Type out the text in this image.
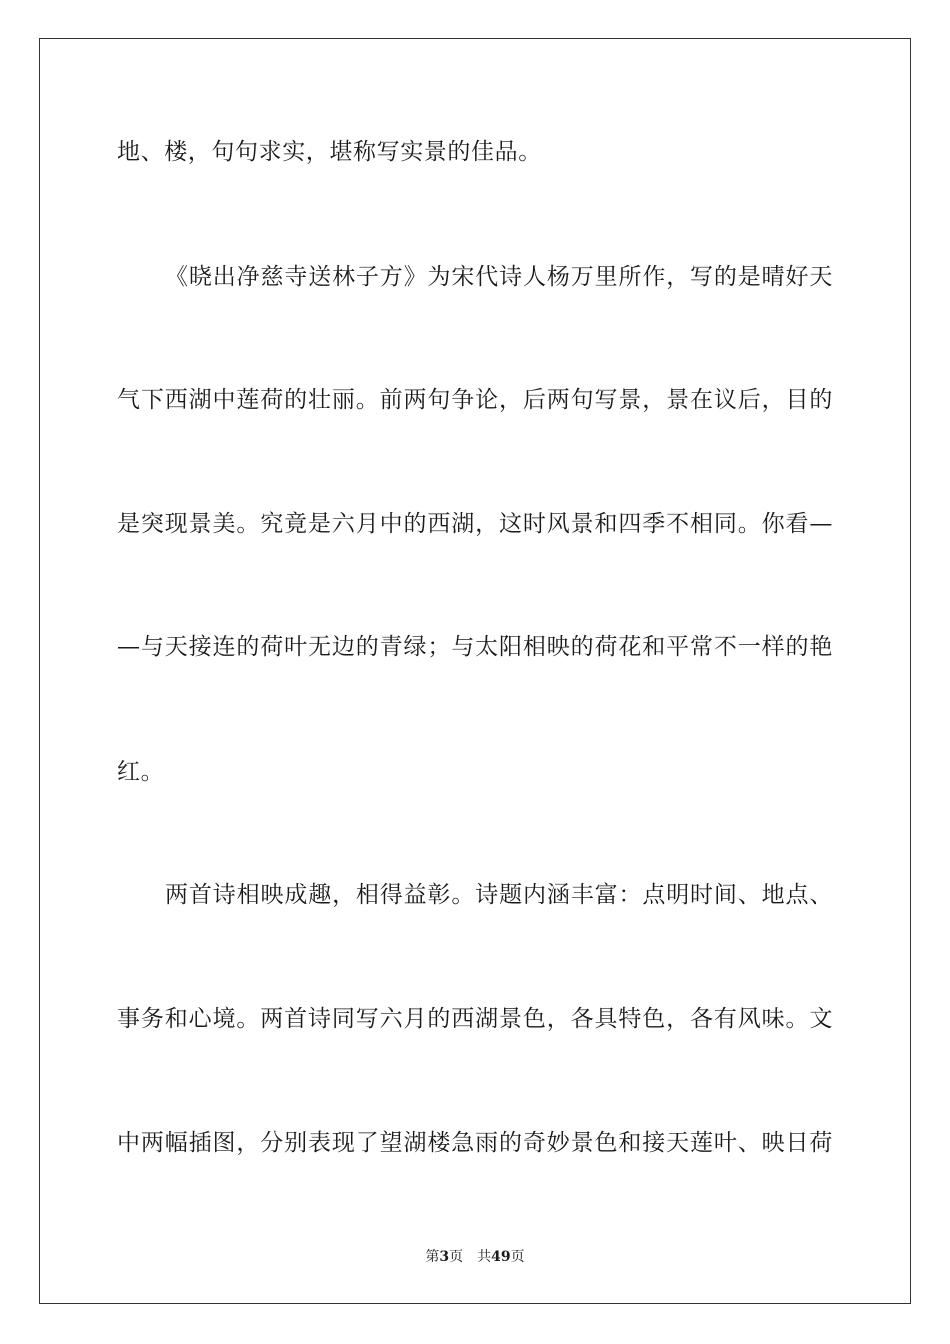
地、楼，句句求实，堪称写实景的佳品。
《晓出净慈寺送林子方》为宋代诗人杨万里所作，写的是晴好天
气下西湖中莲荷的壮丽。前两句争论，后两句写景，景在议后，目的
是突现景美。究竟是六月中的西湖，这时风景和四季不相同。你看—
—与天接连的荷叶无边的青绿；与太阳相映的荷花和平常不一样的艳
红。
两首诗相映成趣，相得益彰。诗题内涵丰富：点明时间、地点、
事务和心境。两首诗同写六月的西湖景色，各具特色，各有风味。文
中两幅插图，分别表现了望湖楼急雨的奇妙景色和接天莲叶、映日荷
第3页 共49页
